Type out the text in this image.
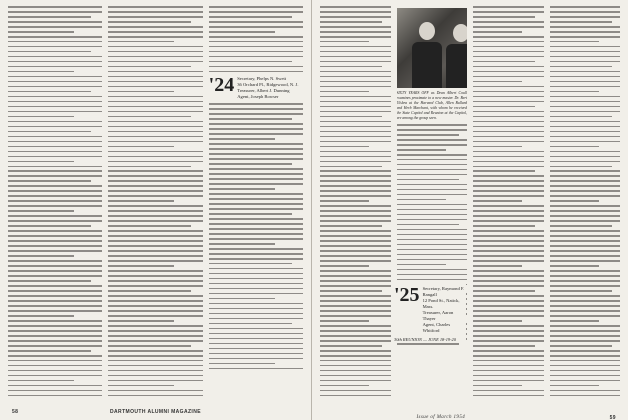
'24 Secretary, Phelps N. Swett
36 Orchard Pl., Ridgewood, N. J.
Treasurer, Albert J. Dunning
Agent, Joseph Bowser
58	DARTMOUTH ALUMNI MAGAZINE
SIXTY YEARS OFF as Dean Albert Coull examines proximate to a new master. Dr. Bert Ulsbra at the Harvard Club, Allen Bullard and Herb Marchant, with whom he received the State Capitol and Reunion at the Capitol, are among the group seen.
'25 Secretary, Raymond F. Rangall
12 Pond St., Natick, Mass.
Treasurer, Aaron Thayer
Agent, Charles Whitford
30th REUNION — JUNE 18-19-20
Issue of March 1954	59
